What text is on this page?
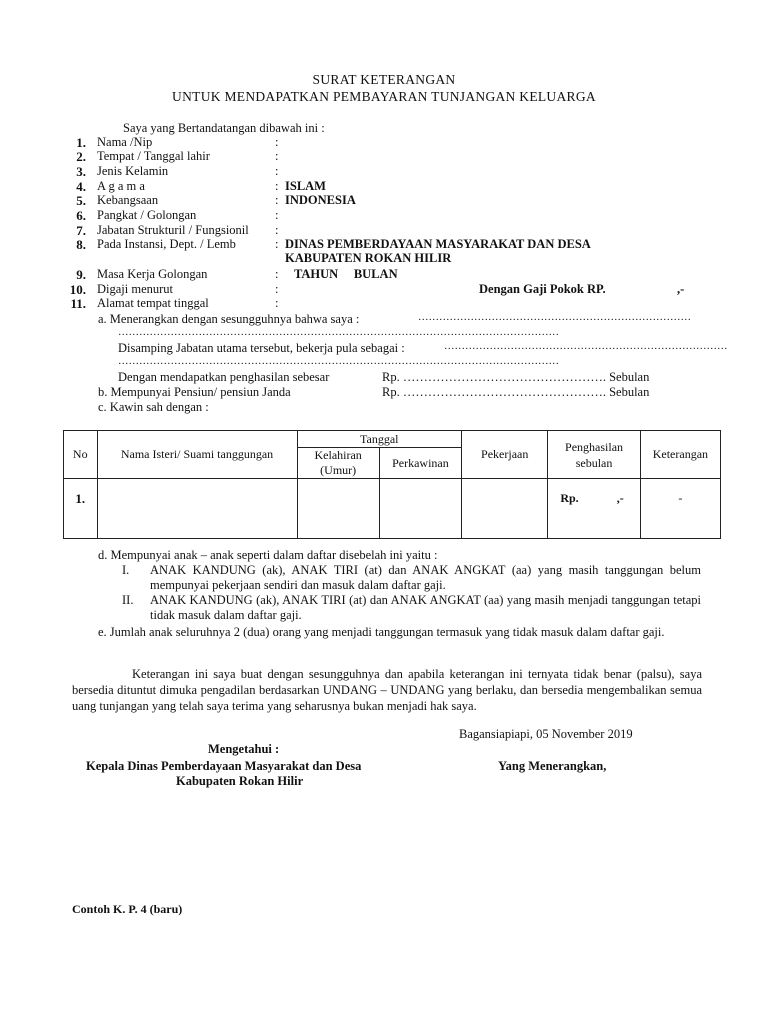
SURAT KETERANGAN
UNTUK MENDAPATKAN PEMBAYARAN TUNJANGAN KELUARGA
Saya yang Bertandatangan dibawah ini :
1. Nama /Nip	:
2. Tempat / Tanggal lahir	:
3. Jenis Kelamin	:
4. A g a m a	: ISLAM
5. Kebangsaan	: INDONESIA
6. Pangkat / Golongan	:
7. Jabatan Strukturil / Fungsionil :
8. Pada Instansi, Dept. / Lemb	: DINAS PEMBERDAYAAN MASYARAKAT DAN DESA
KABUPATEN ROKAN HILIR
9. Masa Kerja Golongan	: TAHUN     BULAN
10. Digaji menurut	:	Dengan Gaji Pokok RP.	,-
11. Alamat tempat tinggal	:
a. Menerangkan dengan sesungguhnya bahwa saya :	……………………………………………………………………
………………………………………………………………………………………………………………
Disamping Jabatan utama tersebut, bekerja pula sebagai :	………………………………………………………………………
………………………………………………………………………………………………………………
Dengan mendapatkan penghasilan sebesar	Rp. …………………………………………. Sebulan
b. Mempunyai Pensiun/ pensiun Janda	Rp. …………………………………………. Sebulan
c. Kawin sah dengan :
No	Nama Isteri/ Suami tanggungan	Tanggal		Pekerjaan	Penghasilan sebulan	Keterangan
		Kelahiran (Umur)	Perkawinan			
1.					Rp. ,-	-
d. Mempunyai anak – anak seperti dalam daftar disebelah ini yaitu :
I. ANAK KANDUNG (ak), ANAK TIRI (at) dan ANAK ANGKAT (aa) yang masih tanggungan belum mempunyai pekerjaan sendiri dan masuk dalam daftar gaji.
II. ANAK KANDUNG (ak), ANAK TIRI (at) dan ANAK ANGKAT (aa) yang masih menjadi tanggungan tetapi tidak masuk dalam daftar gaji.
e. Jumlah anak seluruhnya 2 (dua) orang yang menjadi tanggungan termasuk yang tidak masuk dalam daftar gaji.
Keterangan ini saya buat dengan sesungguhnya dan apabila keterangan ini ternyata tidak benar (palsu), saya bersedia dituntut dimuka pengadilan berdasarkan UNDANG – UNDANG yang berlaku, dan bersedia mengembalikan semua uang tunjangan yang telah saya terima yang seharusnya bukan menjadi hak saya.
Bagansiapiapi, 05 November 2019
Mengetahui :
Kepala Dinas Pemberdayaan Masyarakat dan Desa	Yang Menerangkan,
Kabupaten Rokan Hilir
Contoh K. P. 4 (baru)
